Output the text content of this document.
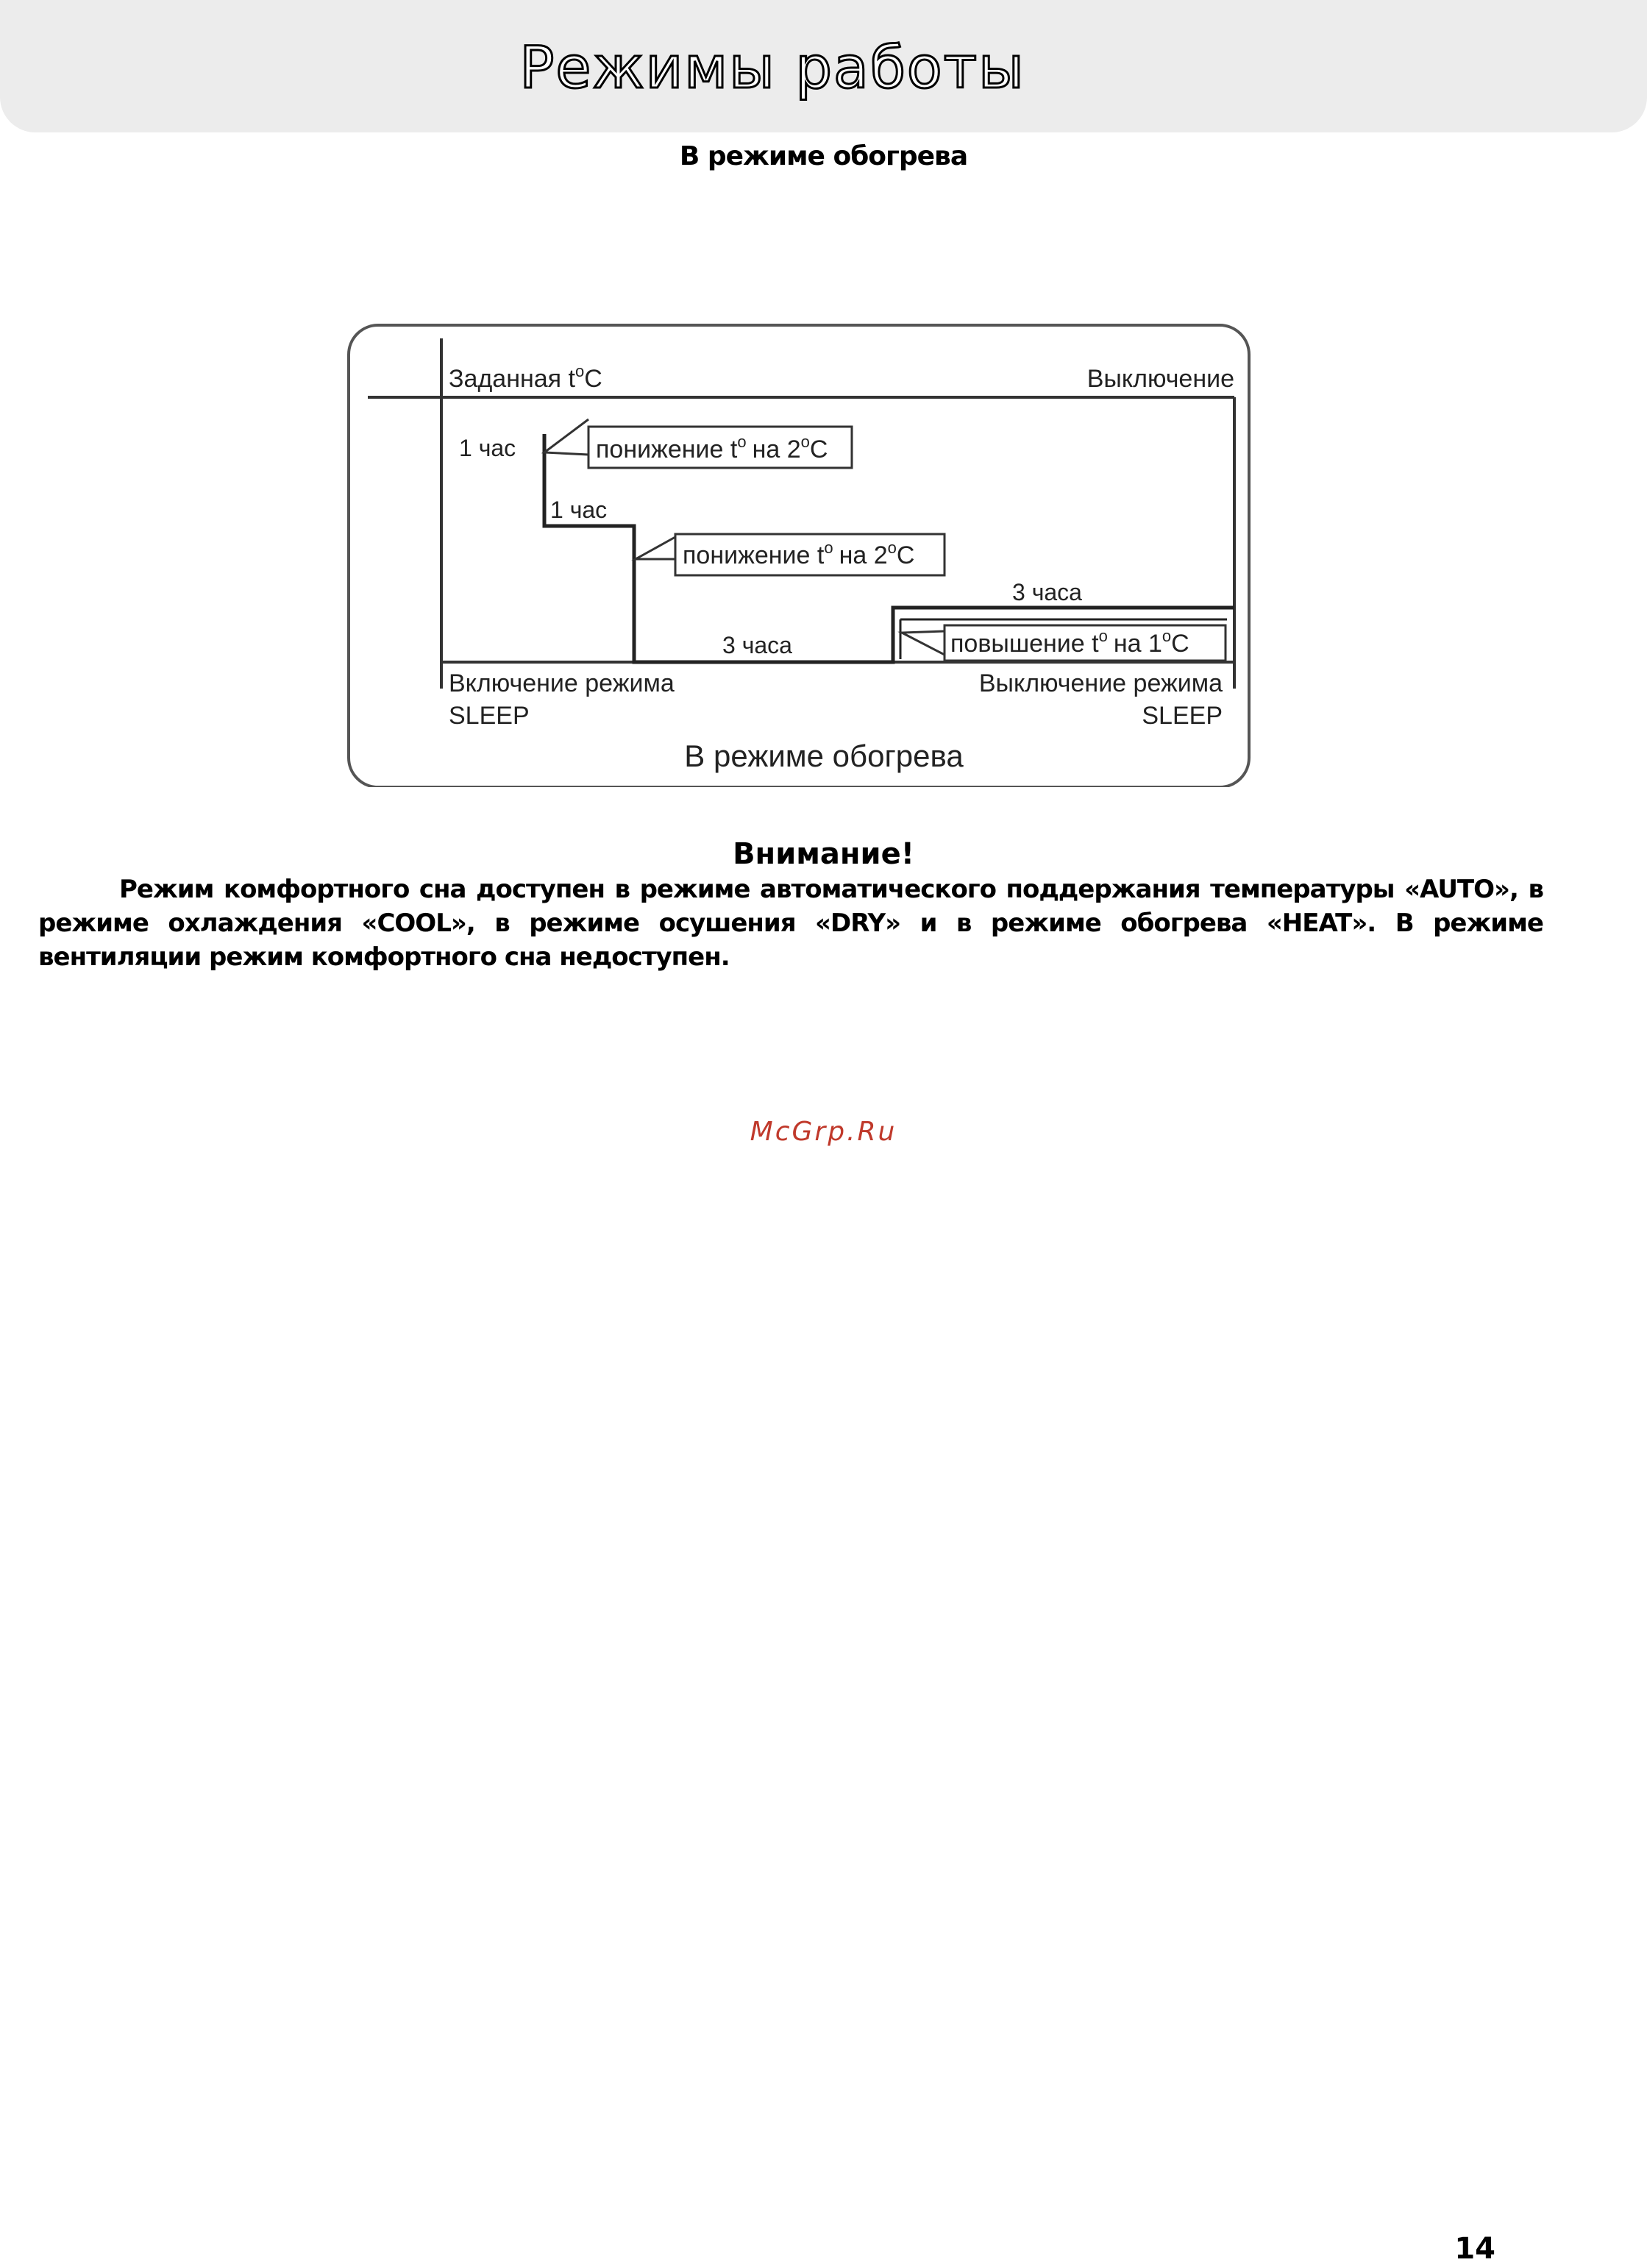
Режимы работы
В режиме обогрева
Заданная $t^oC$	Выключение
1 час	понижение $t^o$ на 2$^o$C
1 час
понижение $t^o$ на 2$^o$C
3 часа
3 часа
повышение $t^o$ на 1$^o$C
Включение режима
SLEEP
Выключение режима
SLEEP
В режиме обогрева
Внимание!

Режим комфортного сна доступен в режиме автоматического поддержания температуры «AUTO», в режиме охлаждения «COOL», в режиме осушения «DRY» и в режиме обогрева «HEAT». В режиме вентиляции режим комфортного сна недоступен.

McGrp.Ru
14
